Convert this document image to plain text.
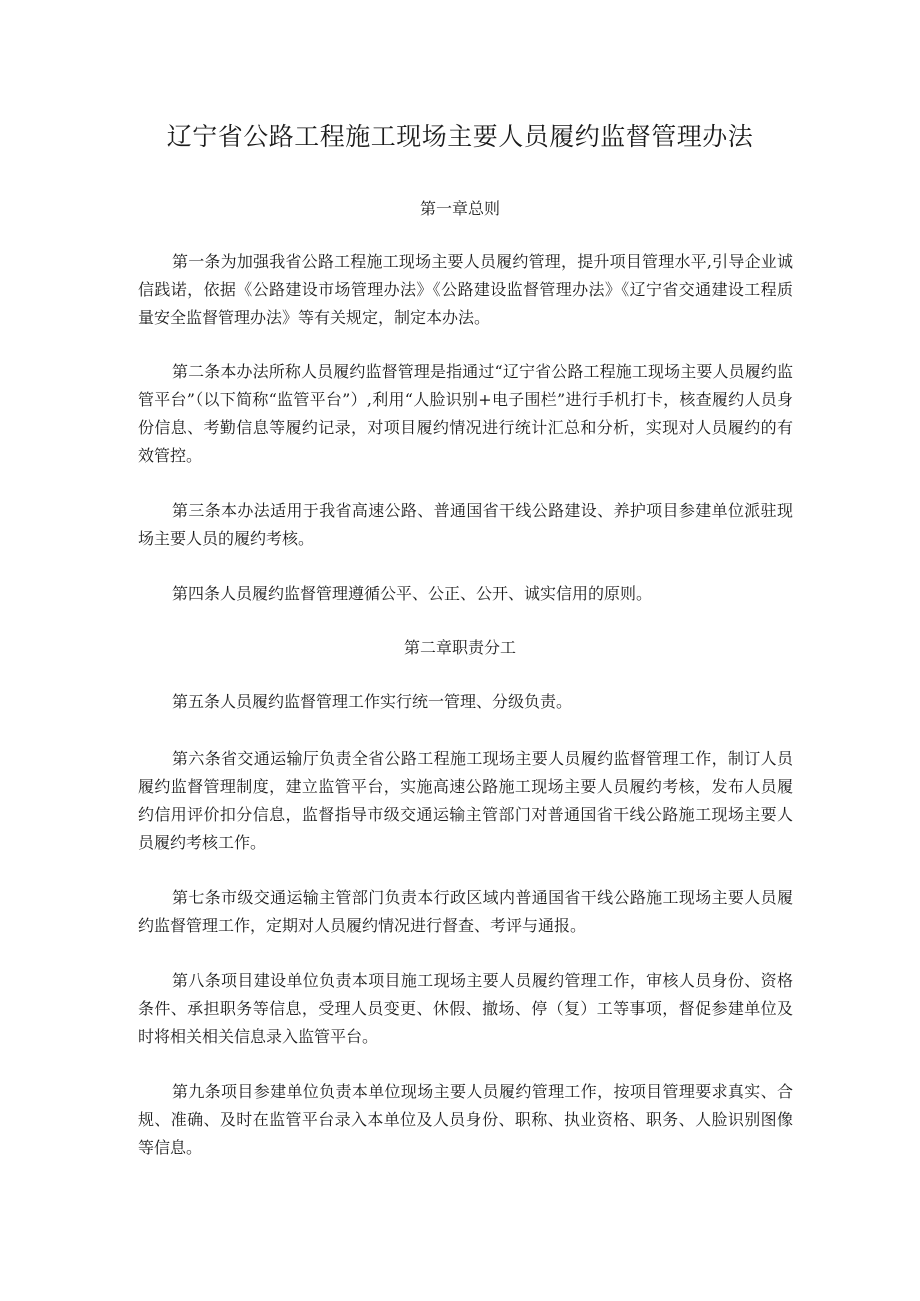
辽宁省公路工程施工现场主要人员履约监督管理办法

第一章总则

第一条为加强我省公路工程施工现场主要人员履约管理，提升项目管理水平,引导企业诚信践诺，依据《公路建设市场管理办法》《公路建设监督管理办法》《辽宁省交通建设工程质量安全监督管理办法》等有关规定，制定本办法。

第二条本办法所称人员履约监督管理是指通过“辽宁省公路工程施工现场主要人员履约监管平台”（以下简称“监管平台”）,利用“人脸识别+电子围栏”进行手机打卡，核查履约人员身份信息、考勤信息等履约记录，对项目履约情况进行统计汇总和分析，实现对人员履约的有效管控。

第三条本办法适用于我省高速公路、普通国省干线公路建设、养护项目参建单位派驻现场主要人员的履约考核。

第四条人员履约监督管理遵循公平、公正、公开、诚实信用的原则。

第二章职责分工

第五条人员履约监督管理工作实行统一管理、分级负责。

第六条省交通运输厅负责全省公路工程施工现场主要人员履约监督管理工作，制订人员履约监督管理制度，建立监管平台，实施高速公路施工现场主要人员履约考核，发布人员履约信用评价扣分信息，监督指导市级交通运输主管部门对普通国省干线公路施工现场主要人员履约考核工作。

第七条市级交通运输主管部门负责本行政区域内普通国省干线公路施工现场主要人员履约监督管理工作，定期对人员履约情况进行督查、考评与通报。

第八条项目建设单位负责本项目施工现场主要人员履约管理工作，审核人员身份、资格条件、承担职务等信息，受理人员变更、休假、撤场、停（复）工等事项，督促参建单位及时将相关相关信息录入监管平台。

第九条项目参建单位负责本单位现场主要人员履约管理工作，按项目管理要求真实、合规、准确、及时在监管平台录入本单位及人员身份、职称、执业资格、职务、人脸识别图像等信息。
